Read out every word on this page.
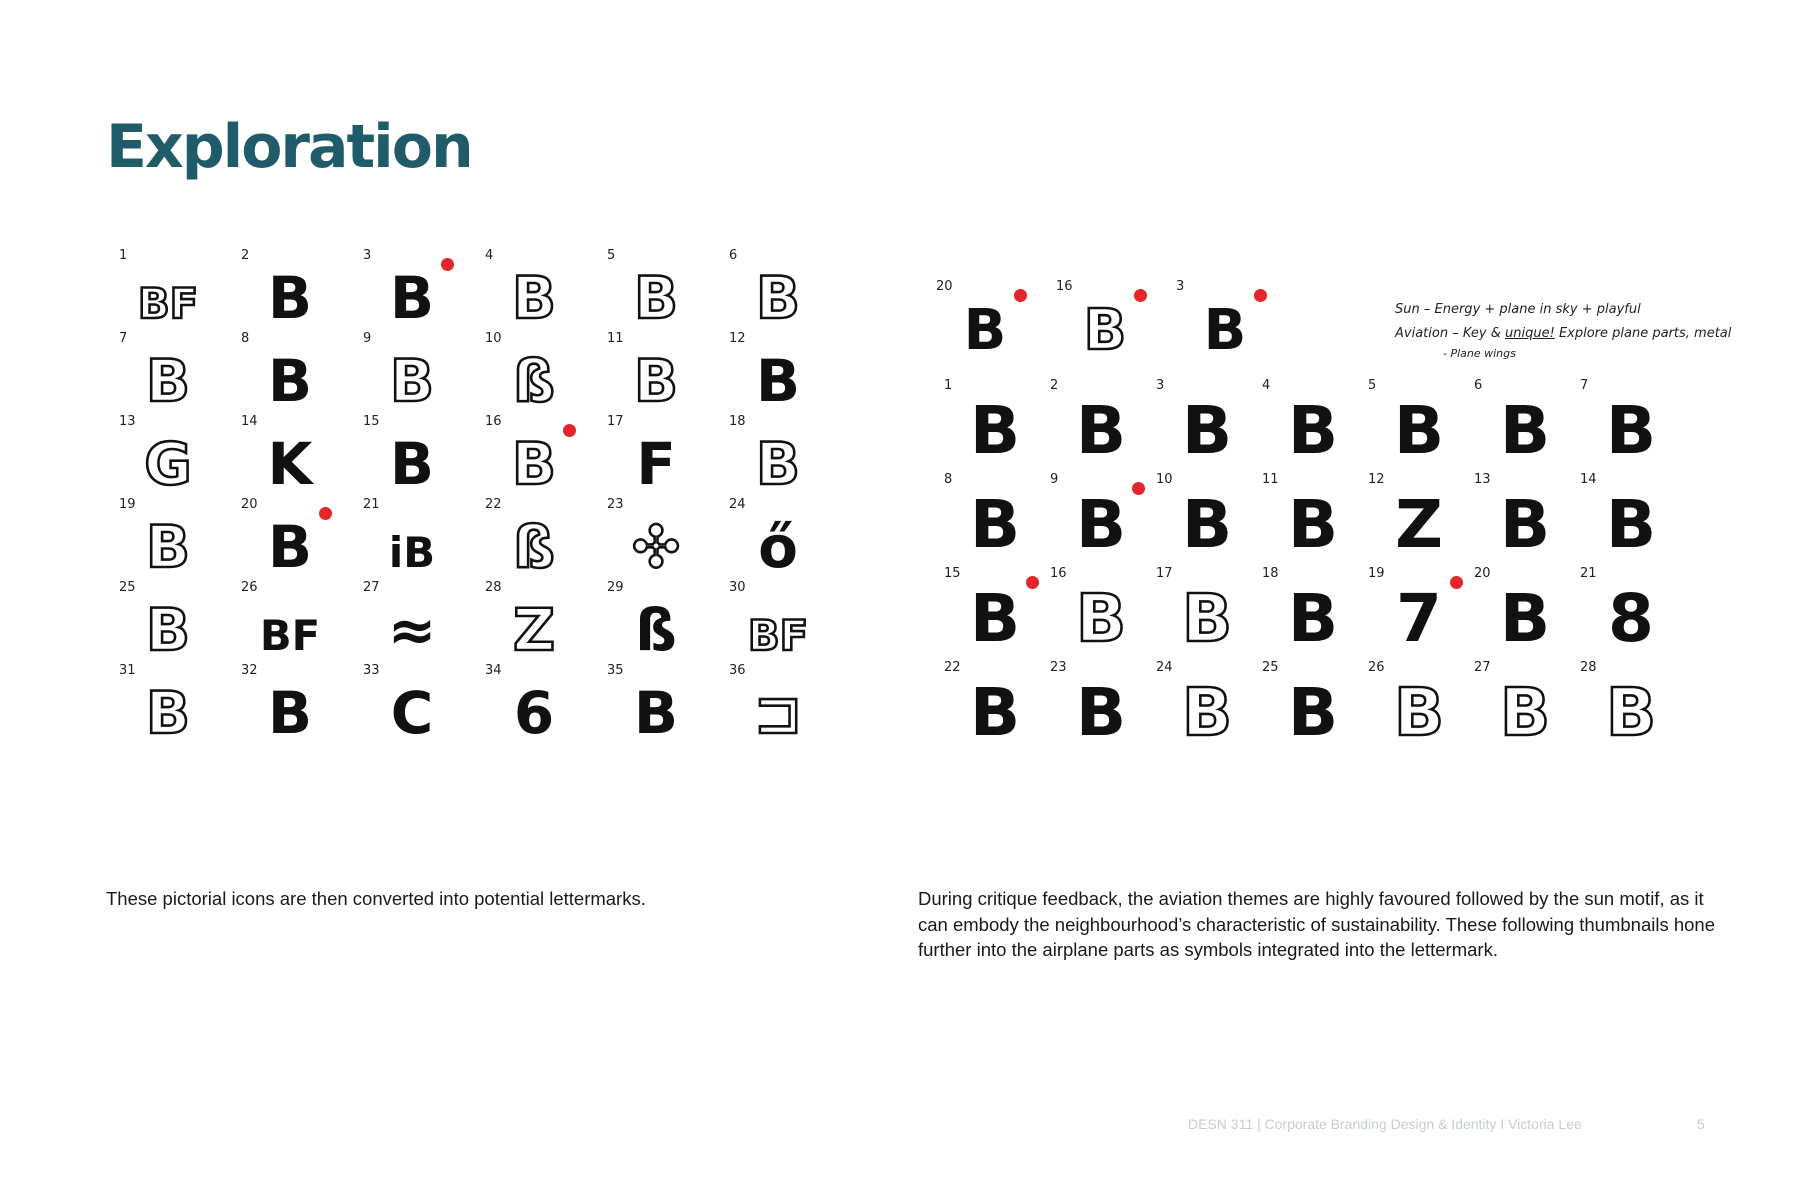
Exploration
1
BF
2
B
3
B
4
B
5
B
6
B
7
B
8
B
9
B
10
ß
11
B
12
B
13
G
14
K
15
B
16
B
17
F
18
B
19
B
20
B
21
iB
22
ß
23
✣
24
ő
25
B
26
BF
27
≈
28
Z
29
ß
30
BF
31
B
32
B
33
C
34
6
35
B
36
⊐
20
B
16
B
3
B
1
B
2
B
3
B
4
B
5
B
6
B
7
B
8
B
9
B
10
B
11
B
12
Z
13
B
14
B
15
B
16
B
17
B
18
B
19
7
20
B
21
8
22
B
23
B
24
B
25
B
26
B
27
B
28
B
Sun – Energy + plane in sky + playful
Aviation – Key & unique! Explore plane parts, metal
- Plane wings

These pictorial icons are then converted into potential lettermarks.	During critique feedback, the aviation themes are highly favoured followed by the sun motif, as it can embody the neighbourhood’s characteristic of sustainability. These following thumbnails hone further into the airplane parts as symbols integrated into the lettermark.

DESN 311 | Corporate Branding Design & Identity I Victoria Lee	5
